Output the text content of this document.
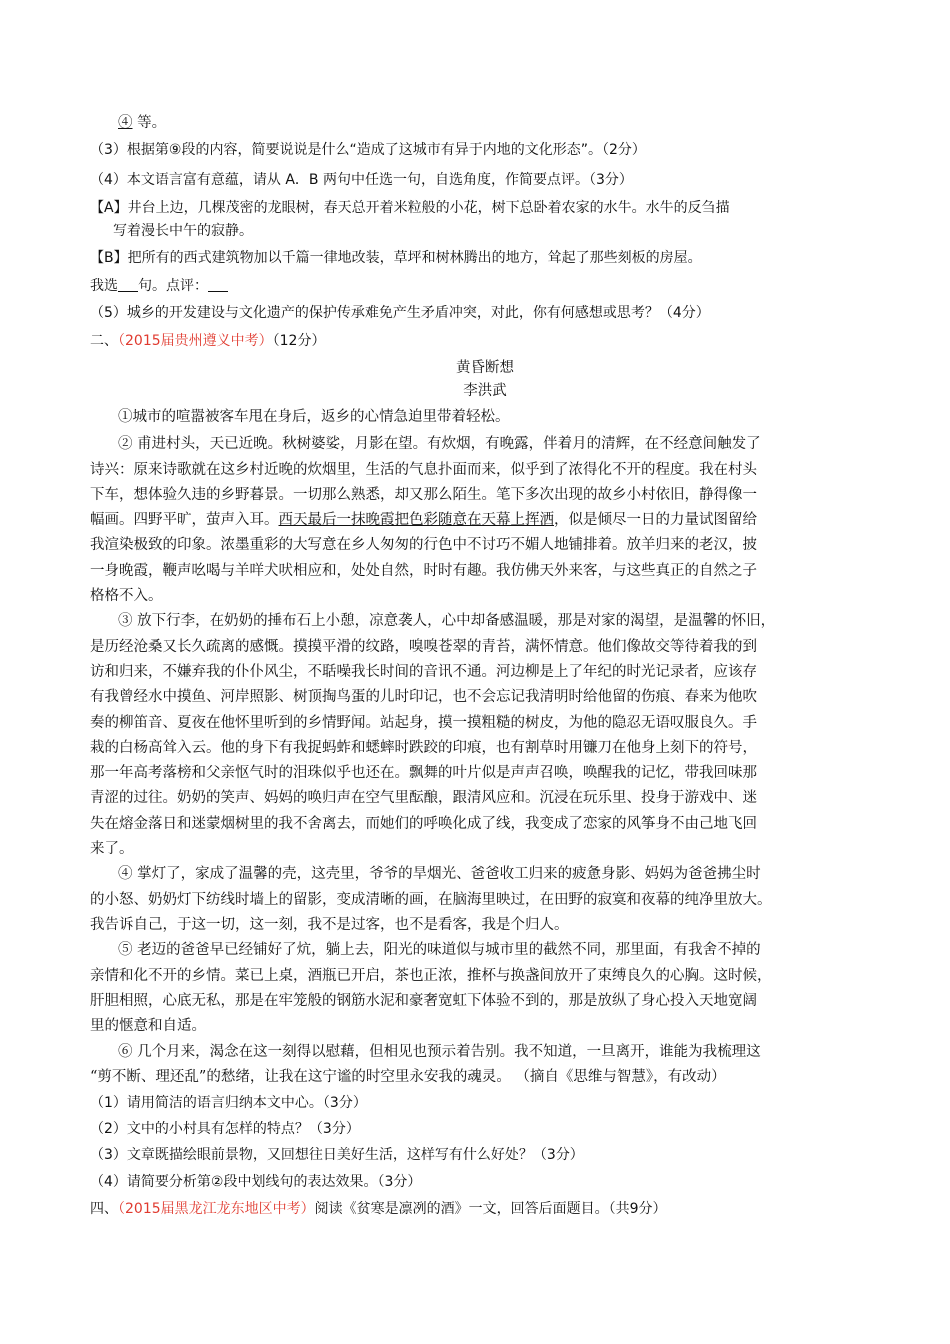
④ 等。
（3）根据第⑨段的内容，简要说说是什么“造成了这城市有异于内地的文化形态”。（2分）
（4）本文语言富有意蕴，请从 A．B 两句中任选一句，自选角度，作简要点评。（3分）
【A】井台上边，几棵茂密的龙眼树，春天总开着米粒般的小花，树下总卧着农家的水牛。水牛的反刍描
写着漫长中午的寂静。
【B】把所有的西式建筑物加以千篇一律地改装，草坪和树林腾出的地方，耸起了那些刻板的房屋。
我选 句。点评：
（5）城乡的开发建设与文化遗产的保护传承难免产生矛盾冲突，对此，你有何感想或思考？（4分）
二、（2015届贵州遵义中考）（12分）
黄昏断想
李洪武
①城市的喧嚣被客车甩在身后，返乡的心情急迫里带着轻松。
② 甫进村头，天已近晚。秋树婆娑，月影在望。有炊烟，有晚露，伴着月的清辉，在不经意间触发了
诗兴：原来诗歌就在这乡村近晚的炊烟里，生活的气息扑面而来，似乎到了浓得化不开的程度。我在村头
下车，想体验久违的乡野暮景。一切那么熟悉，却又那么陌生。笔下多次出现的故乡小村依旧，静得像一
幅画。四野平旷，萤声入耳。西天最后一抹晚霞把色彩随意在天幕上挥洒，似是倾尽一日的力量试图留给
我渲染极致的印象。浓墨重彩的大写意在乡人匆匆的行色中不讨巧不媚人地铺排着。放羊归来的老汉，披
一身晚霞，鞭声吆喝与羊咩犬吠相应和，处处自然，时时有趣。我仿佛天外来客，与这些真正的自然之子
格格不入。
③ 放下行李，在奶奶的捶布石上小憩，凉意袭人，心中却备感温暖，那是对家的渴望，是温馨的怀旧，
是历经沧桑又长久疏离的感慨。摸摸平滑的纹路，嗅嗅苍翠的青苔，满怀情意。他们像故交等待着我的到
访和归来，不嫌弃我的仆仆风尘，不聒噪我长时间的音讯不通。河边柳是上了年纪的时光记录者，应该存
有我曾经水中摸鱼、河岸照影、树顶掏鸟蛋的儿时印记，也不会忘记我清明时给他留的伤痕、春来为他吹
奏的柳笛音、夏夜在他怀里听到的乡情野闻。站起身，摸一摸粗糙的树皮，为他的隐忍无语叹服良久。手
栽的白杨高耸入云。他的身下有我捉蚂蚱和蟋蟀时跌跤的印痕，也有割草时用镰刀在他身上刻下的符号，
那一年高考落榜和父亲怄气时的泪珠似乎也还在。飘舞的叶片似是声声召唤，唤醒我的记忆，带我回味那
青涩的过往。奶奶的笑声、妈妈的唤归声在空气里酝酿，跟清风应和。沉浸在玩乐里、投身于游戏中、迷
失在熔金落日和迷蒙烟树里的我不舍离去，而她们的呼唤化成了线，我变成了恋家的风筝身不由己地飞回
来了。
④ 掌灯了，家成了温馨的壳，这壳里，爷爷的旱烟光、爸爸收工归来的疲惫身影、妈妈为爸爸拂尘时
的小怒、奶奶灯下纺线时墙上的留影，变成清晰的画，在脑海里映过，在田野的寂寞和夜幕的纯净里放大。
我告诉自己，于这一切，这一刻，我不是过客，也不是看客，我是个归人。
⑤ 老迈的爸爸早已经铺好了炕，躺上去，阳光的味道似与城市里的截然不同，那里面，有我舍不掉的
亲情和化不开的乡情。菜已上桌，酒瓶已开启，茶也正浓，推杯与换盏间放开了束缚良久的心胸。这时候，
肝胆相照，心底无私，那是在牢笼般的钢筋水泥和豪奢宽虹下体验不到的，那是放纵了身心投入天地宽阔
里的惬意和自适。
⑥ 几个月来，渴念在这一刻得以慰藉，但相见也预示着告别。我不知道，一旦离开，谁能为我梳理这
“剪不断、理还乱”的愁绪，让我在这宁谧的时空里永安我的魂灵。 （摘自《思维与智慧》，有改动）
（1）请用简洁的语言归纳本文中心。（3分）
（2）文中的小村具有怎样的特点？（3分）
（3）文章既描绘眼前景物，又回想往日美好生活，这样写有什么好处？（3分）
（4）请简要分析第②段中划线句的表达效果。（3分）
四、（2015届黑龙江龙东地区中考）阅读《贫寒是凛冽的酒》一文，回答后面题目。（共9分）
